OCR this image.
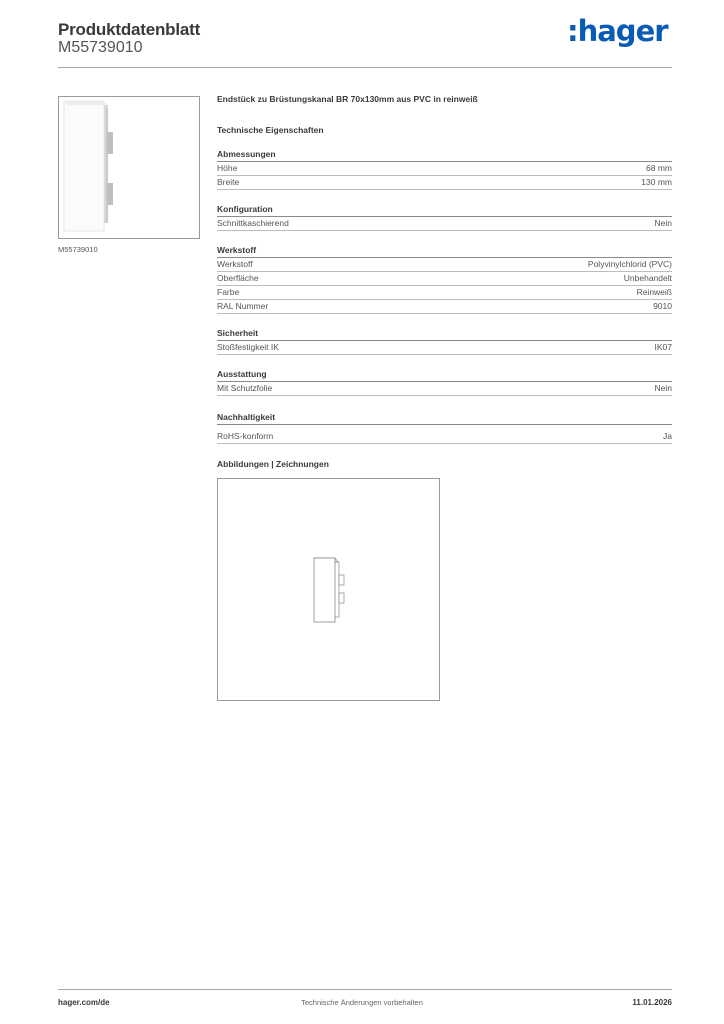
Produktdatenblatt
M55739010	:hager
M55739010
Endstück zu Brüstungskanal BR 70x130mm aus PVC in reinweiß
Technische Eigenschaften
Abmessungen
Höhe	68 mm
Breite	130 mm
Konfiguration
Schnittkaschierend	Nein
Werkstoff
Werkstoff	Polyvinylchlorid (PVC)
Oberfläche	Unbehandelt
Farbe	Reinweiß
RAL Nummer	9010
Sicherheit
Stoßfestigkeit IK	IK07
Ausstattung
Mit Schutzfolie	Nein
Nachhaltigkeit
RoHS-konform	Ja
Abbildungen | Zeichnungen
hager.com/de	Technische Änderungen vorbehalten	11.01.2026
